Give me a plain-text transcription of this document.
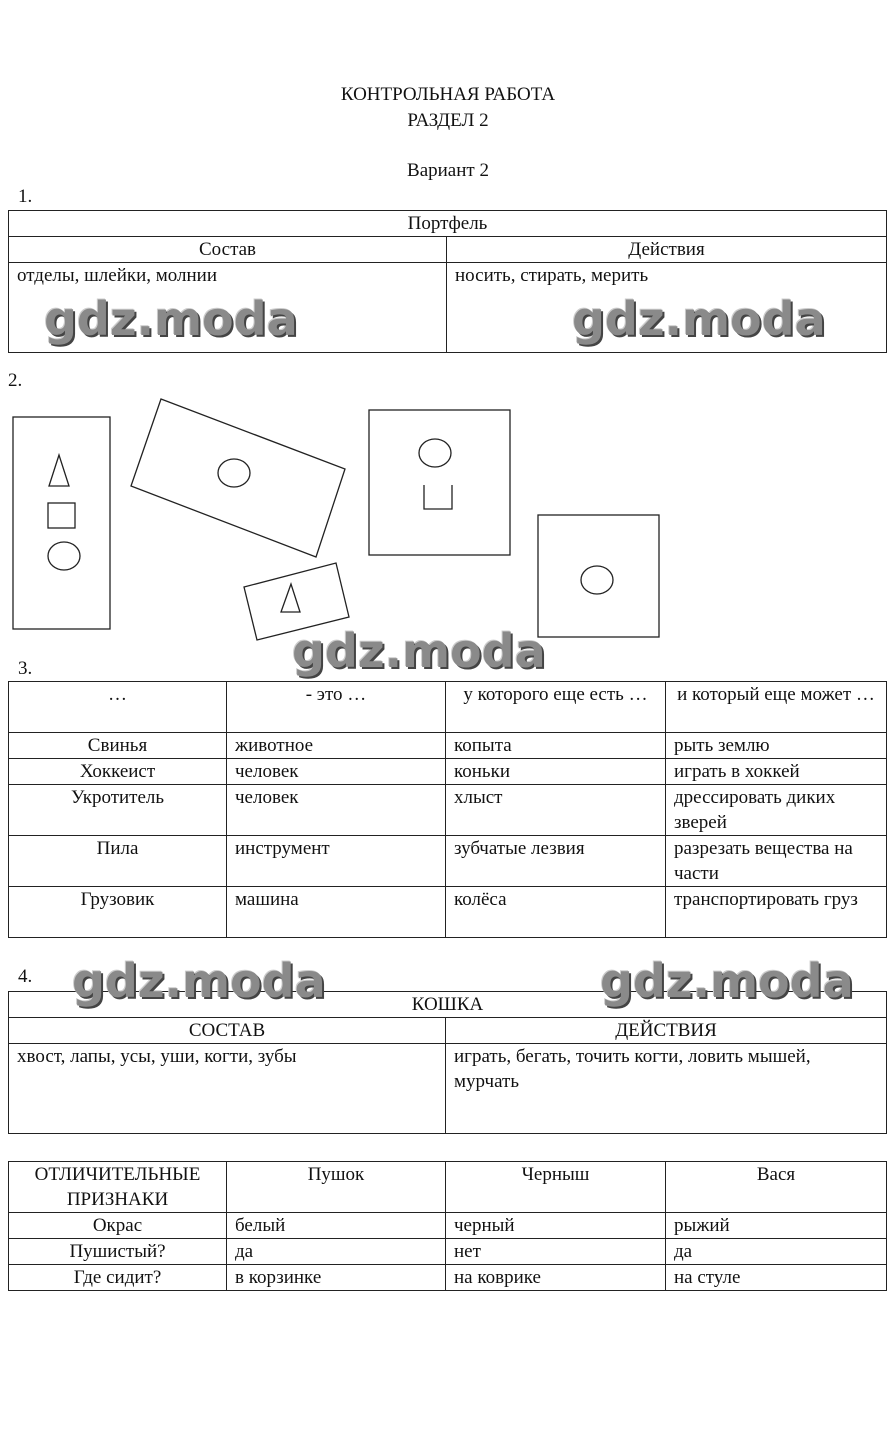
КОНТРОЛЬНАЯ РАБОТА
РАЗДЕЛ 2
Вариант 2
1.
Портфель	
Состав	Действия
отделы, шлейки, молнии	носить, стирать, мерить
gdz.moda	gdz.moda
2.
gdz.moda
3.
…	- это …	у которого еще есть …	и который еще может …
Свинья	животное	копыта	рыть землю
Хоккеист	человек	коньки	играть в хоккей
Укротитель	человек	хлыст	дрессировать диких зверей
Пила	инструмент	зубчатые лезвия	разрезать вещества на части
Грузовик	машина	колёса	транспортировать груз
4.
КОШКА	
СОСТАВ	ДЕЙСТВИЯ
хвост, лапы, усы, уши, когти, зубы	играть, бегать, точить когти, ловить мышей, мурчать
gdz.moda	gdz.moda
ОТЛИЧИТЕЛЬНЫЕ ПРИЗНАКИ	Пушок	Черныш	Вася
Окрас	белый	черный	рыжий
Пушистый?	да	нет	да
Где сидит?	в корзинке	на коврике	на стуле
